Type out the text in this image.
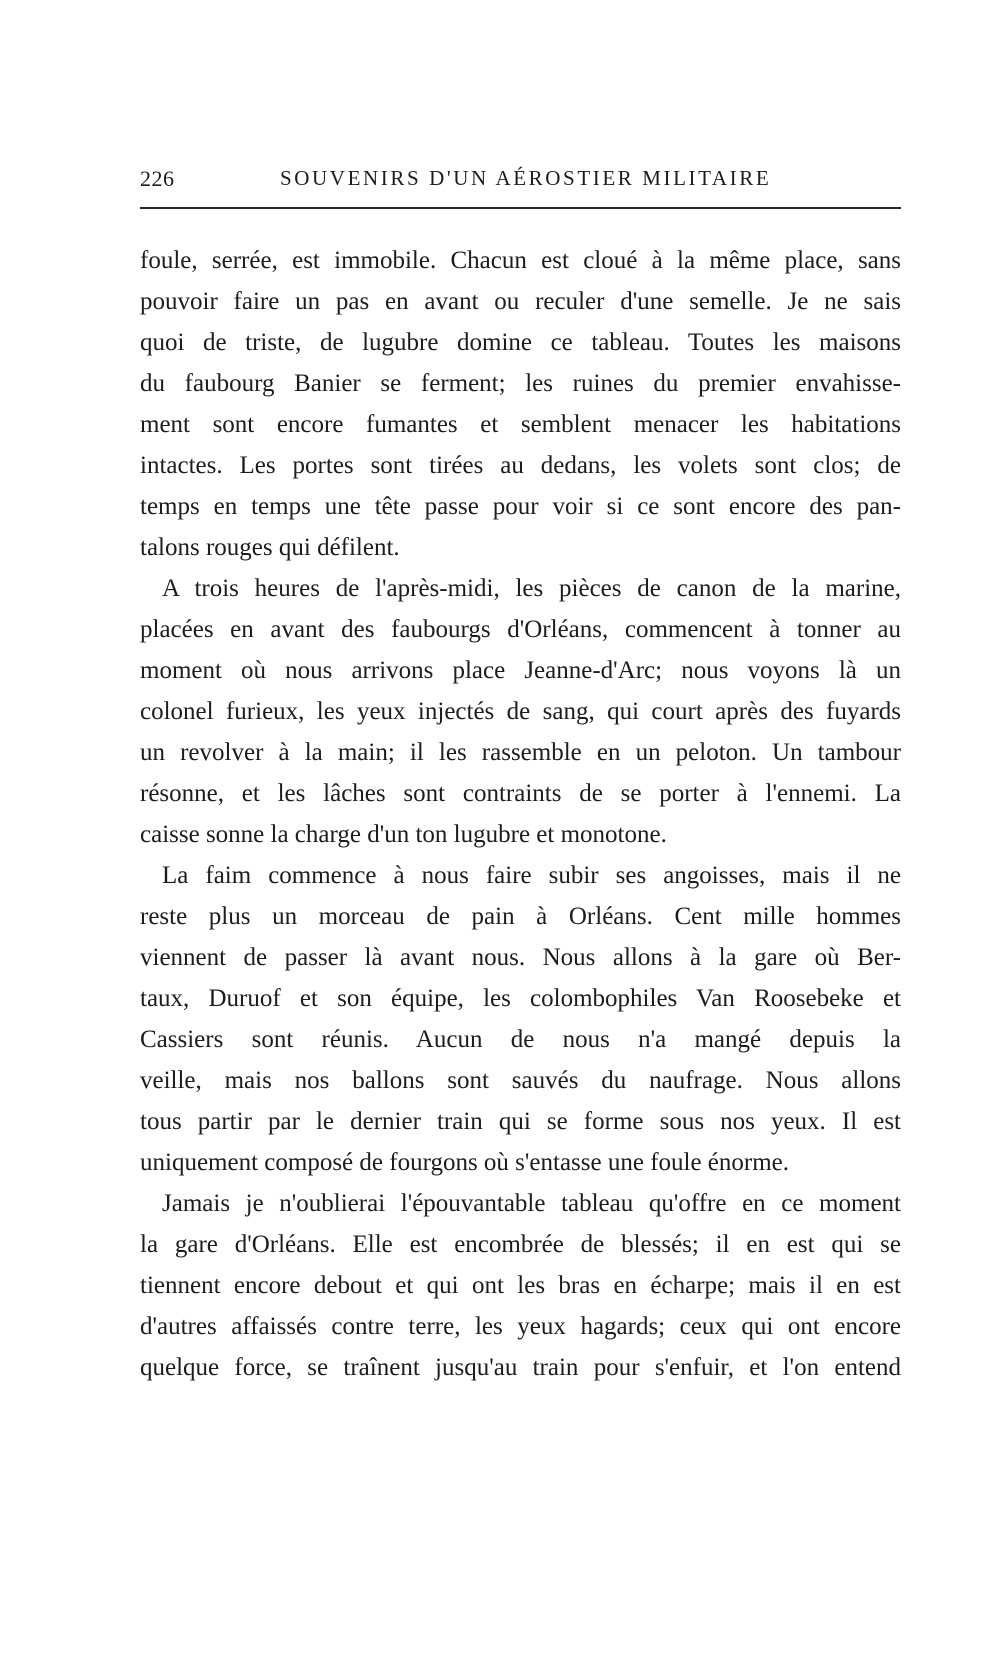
226	SOUVENIRS D'UN AÉROSTIER MILITAIRE
foule, serrée, est immobile. Chacun est cloué à la même place, sans
pouvoir faire un pas en avant ou reculer d'une semelle. Je ne sais
quoi de triste, de lugubre domine ce tableau. Toutes les maisons
du faubourg Banier se ferment; les ruines du premier envahisse-
ment sont encore fumantes et semblent menacer les habitations
intactes. Les portes sont tirées au dedans, les volets sont clos; de
temps en temps une tête passe pour voir si ce sont encore des pan-
talons rouges qui défilent.
A trois heures de l'après-midi, les pièces de canon de la marine,
placées en avant des faubourgs d'Orléans, commencent à tonner au
moment où nous arrivons place Jeanne-d'Arc; nous voyons là un
colonel furieux, les yeux injectés de sang, qui court après des fuyards
un revolver à la main; il les rassemble en un peloton. Un tambour
résonne, et les lâches sont contraints de se porter à l'ennemi. La
caisse sonne la charge d'un ton lugubre et monotone.
La faim commence à nous faire subir ses angoisses, mais il ne
reste plus un morceau de pain à Orléans. Cent mille hommes
viennent de passer là avant nous. Nous allons à la gare où Ber-
taux, Duruof et son équipe, les colombophiles Van Roosebeke et
Cassiers sont réunis. Aucun de nous n'a mangé depuis la
veille, mais nos ballons sont sauvés du naufrage. Nous allons
tous partir par le dernier train qui se forme sous nos yeux. Il est
uniquement composé de fourgons où s'entasse une foule énorme.
Jamais je n'oublierai l'épouvantable tableau qu'offre en ce moment
la gare d'Orléans. Elle est encombrée de blessés; il en est qui se
tiennent encore debout et qui ont les bras en écharpe; mais il en est
d'autres affaissés contre terre, les yeux hagards; ceux qui ont encore
quelque force, se traînent jusqu'au train pour s'enfuir, et l'on entend
